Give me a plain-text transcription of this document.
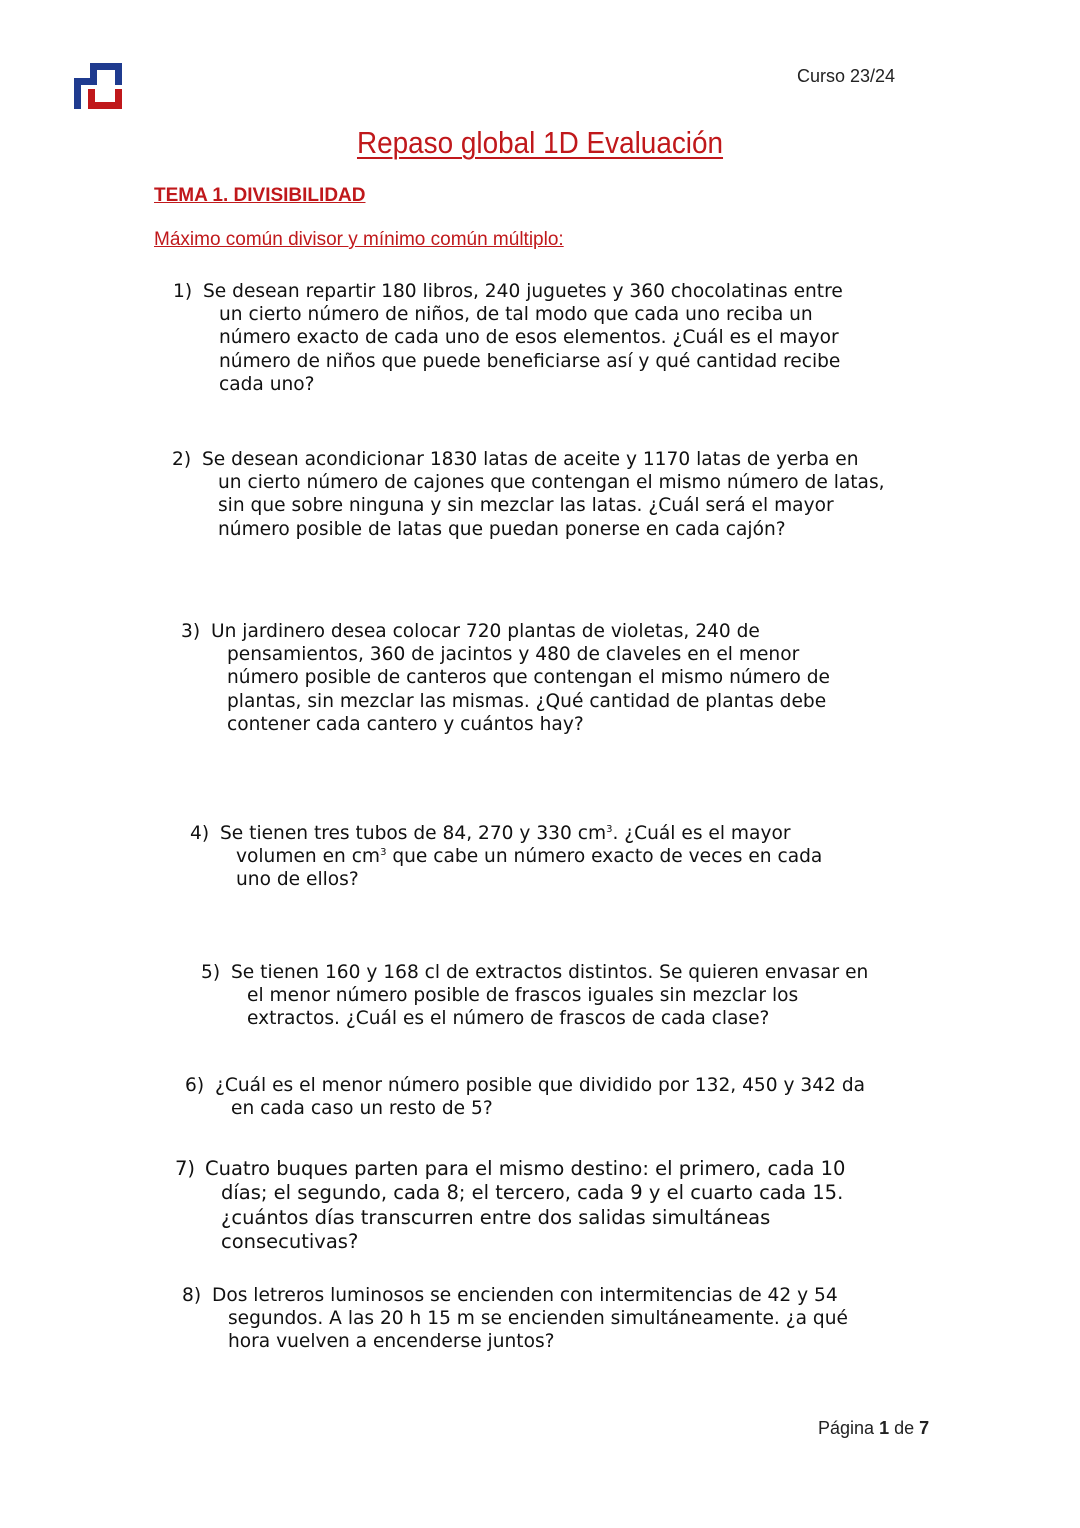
Curso 23/24
Repaso global 1D Evaluación
TEMA 1. DIVISIBILIDAD
Máximo común divisor y mínimo común múltiplo:
1) Se desean repartir 180 libros, 240 juguetes y 360 chocolatinas entre un cierto número de niños, de tal modo que cada uno reciba un número exacto de cada uno de esos elementos. ¿Cuál es el mayor número de niños que puede beneficiarse así y qué cantidad recibe cada uno?
2) Se desean acondicionar 1830 latas de aceite y 1170 latas de yerba en un cierto número de cajones que contengan el mismo número de latas, sin que sobre ninguna y sin mezclar las latas. ¿Cuál será el mayor número posible de latas que puedan ponerse en cada cajón?
3) Un jardinero desea colocar 720 plantas de violetas, 240 de pensamientos, 360 de jacintos y 480 de claveles en el menor número posible de canteros que contengan el mismo número de plantas, sin mezclar las mismas. ¿Qué cantidad de plantas debe contener cada cantero y cuántos hay?
4) Se tienen tres tubos de 84, 270 y 330 $cm^3$. ¿Cuál es el mayor volumen en $cm^3$ que cabe un número exacto de veces en cada uno de ellos?
5) Se tienen 160 y 168 cl de extractos distintos. Se quieren envasar en el menor número posible de frascos iguales sin mezclar los extractos. ¿Cuál es el número de frascos de cada clase?
6) ¿Cuál es el menor número posible que dividido por 132, 450 y 342 da en cada caso un resto de 5?
7) Cuatro buques parten para el mismo destino: el primero, cada 10 días; el segundo, cada 8; el tercero, cada 9 y el cuarto cada 15. ¿cuántos días transcurren entre dos salidas simultáneas consecutivas?
8) Dos letreros luminosos se encienden con intermitencias de 42 y 54 segundos. A las 20 h 15 m se encienden simultáneamente. ¿a qué hora vuelven a encenderse juntos?
Página 1 de 7
